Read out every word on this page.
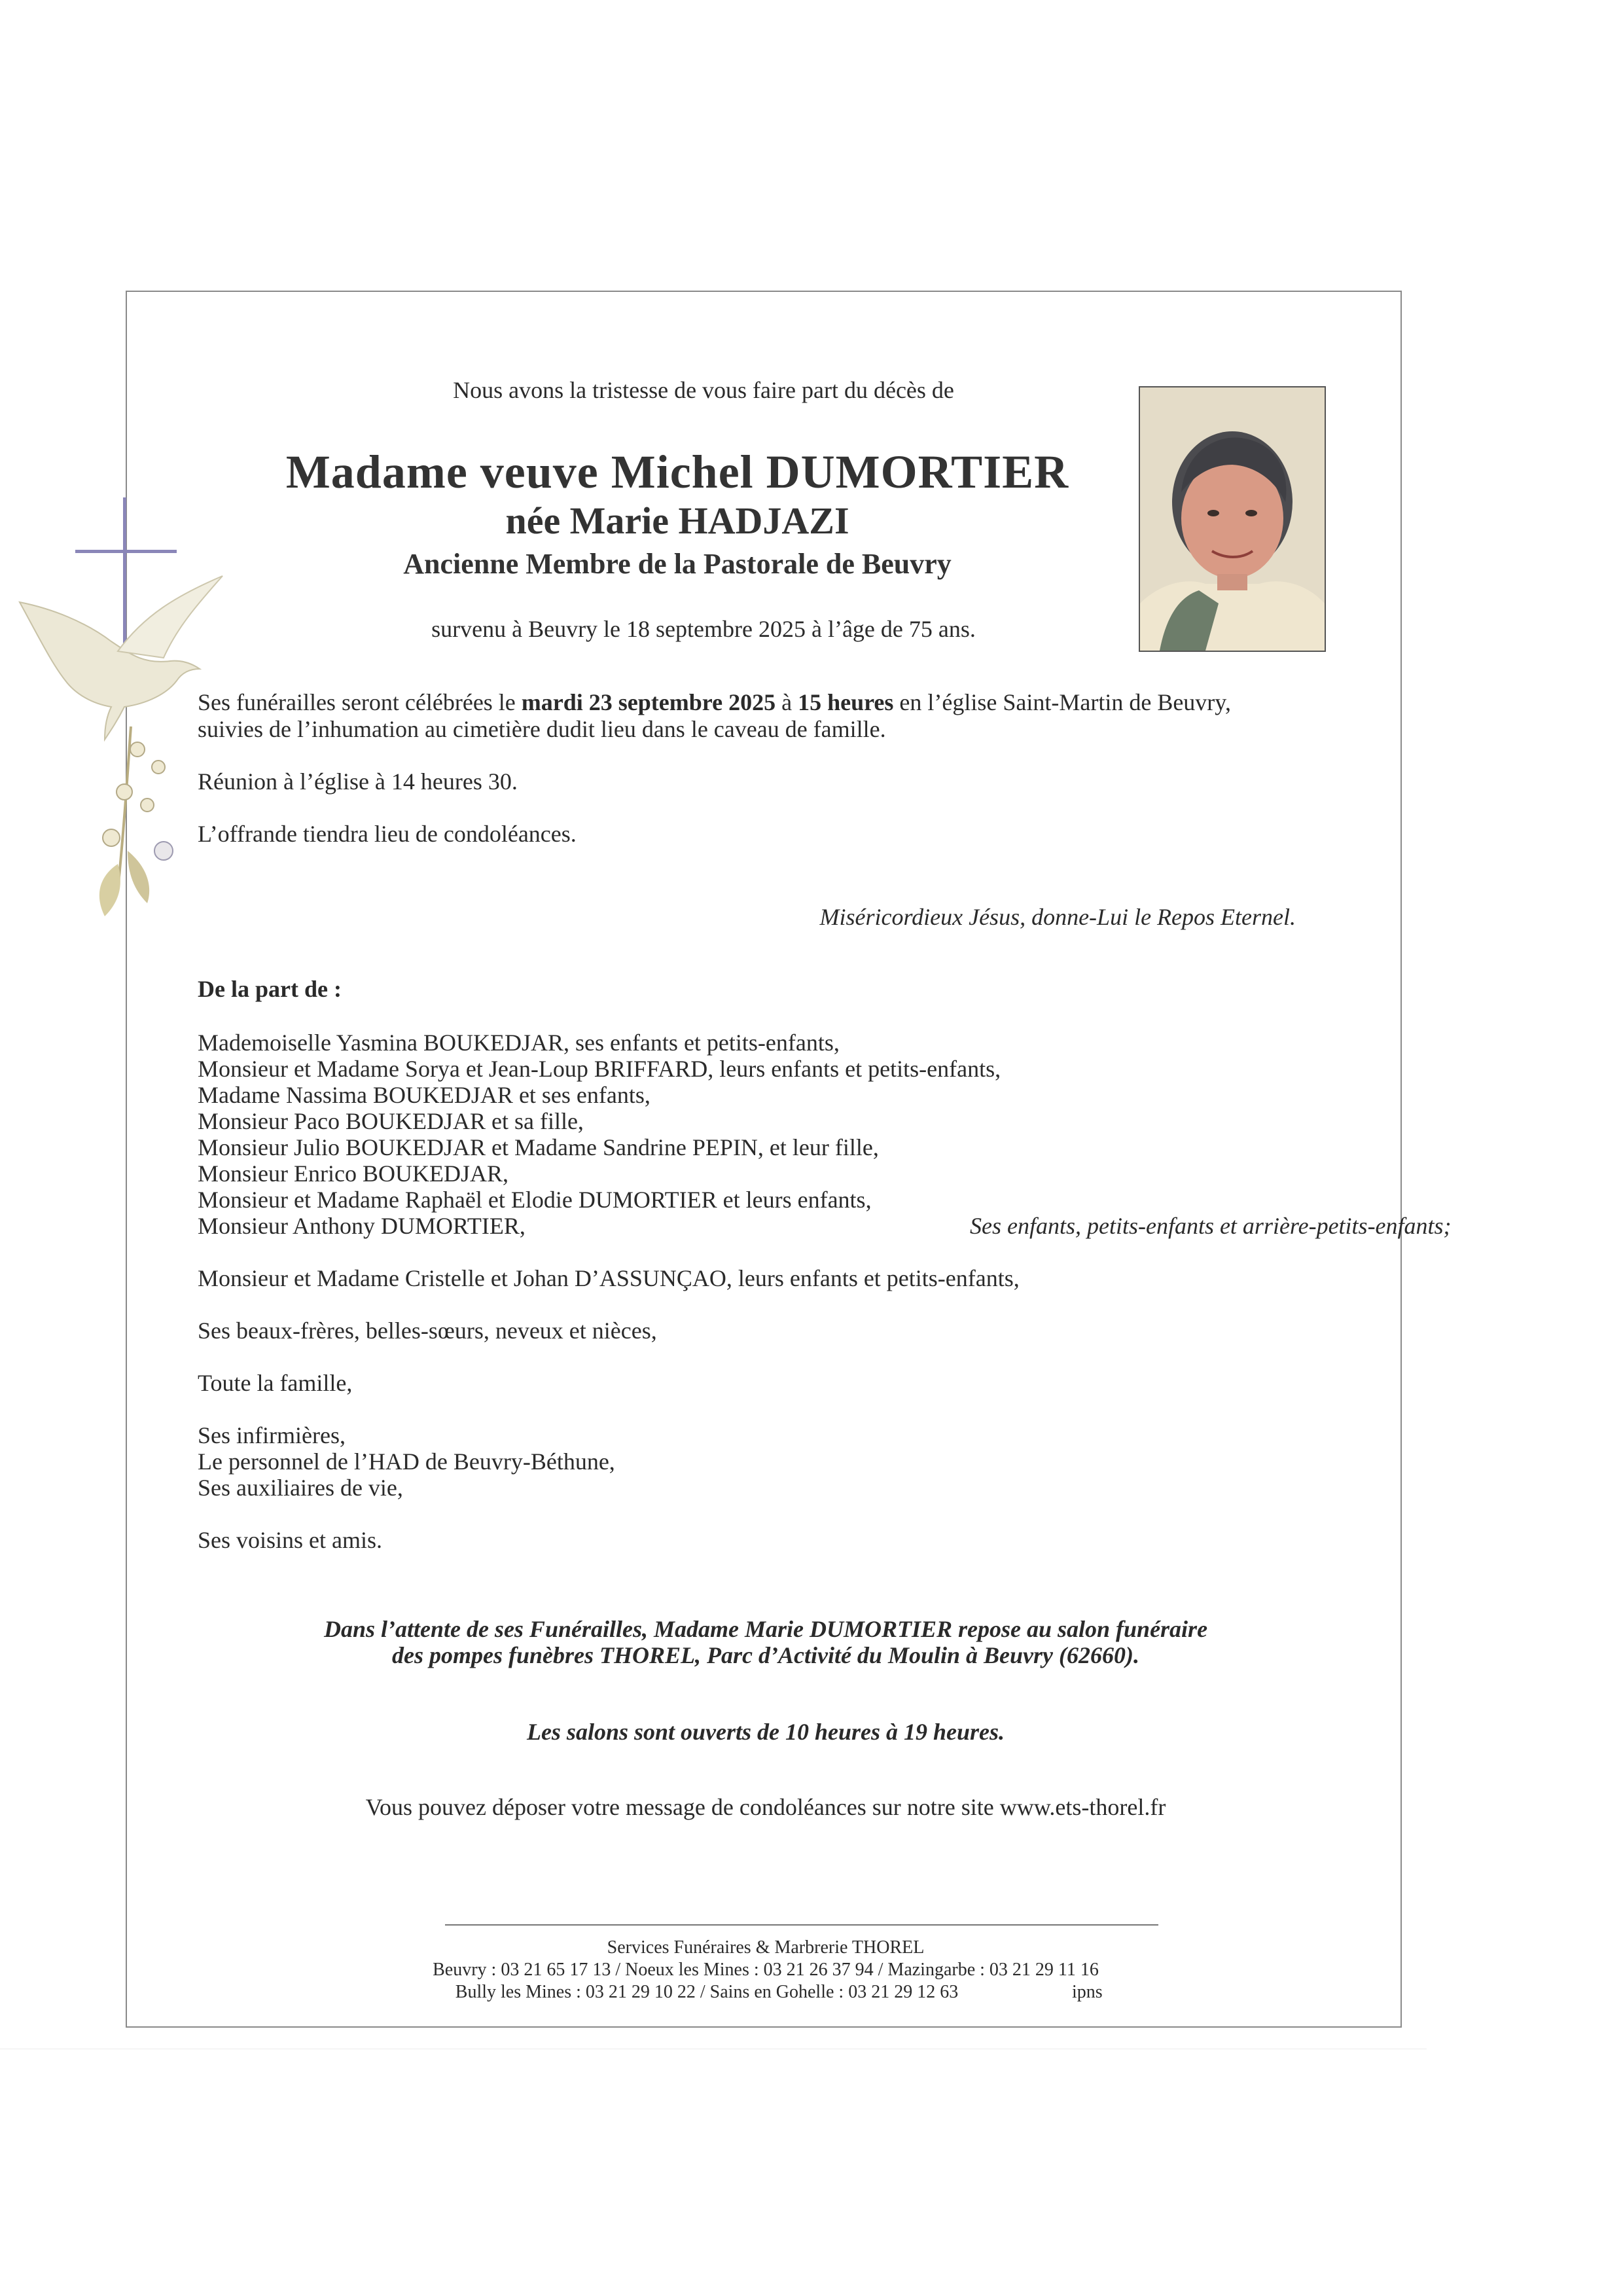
Nous avons la tristesse de vous faire part du décès de
Madame veuve Michel DUMORTIER
née Marie HADJAZI
Ancienne Membre de la Pastorale de Beuvry
survenu à Beuvry le 18 septembre 2025 à l’âge de 75 ans.
Ses funérailles seront célébrées le mardi 23 septembre 2025 à 15 heures en l’église Saint-Martin de Beuvry,
suivies de l’inhumation au cimetière dudit lieu dans le caveau de famille.
Réunion à l’église à 14 heures 30.
L’offrande tiendra lieu de condoléances.
Miséricordieux Jésus, donne-Lui le Repos Eternel.
De la part de :
Mademoiselle Yasmina BOUKEDJAR, ses enfants et petits-enfants,
Monsieur et Madame Sorya et Jean-Loup BRIFFARD, leurs enfants et petits-enfants,
Madame Nassima BOUKEDJAR et ses enfants,
Monsieur Paco BOUKEDJAR et sa fille,
Monsieur Julio BOUKEDJAR et Madame Sandrine PEPIN, et leur fille,
Monsieur Enrico BOUKEDJAR,
Monsieur et Madame Raphaël et Elodie DUMORTIER et leurs enfants,
Monsieur Anthony DUMORTIER,	Ses enfants, petits-enfants et arrière-petits-enfants;
Monsieur et Madame Cristelle et Johan D’ASSUNÇAO, leurs enfants et petits-enfants,
Ses beaux-frères, belles-sœurs, neveux et nièces,
Toute la famille,
Ses infirmières,
Le personnel de l’HAD de Beuvry-Béthune,
Ses auxiliaires de vie,
Ses voisins et amis.
Dans l’attente de ses Funérailles, Madame Marie DUMORTIER repose au salon funéraire
des pompes funèbres THOREL, Parc d’Activité du Moulin à Beuvry (62660).
Les salons sont ouverts de 10 heures à 19 heures.
Vous pouvez déposer votre message de condoléances sur notre site www.ets-thorel.fr
Services Funéraires & Marbrerie THOREL
Beuvry : 03 21 65 17 13 / Noeux les Mines : 03 21 26 37 94 / Mazingarbe : 03 21 29 11 16
Bully les Mines : 03 21 29 10 22 / Sains en Gohelle : 03 21 29 12 63	ipns
